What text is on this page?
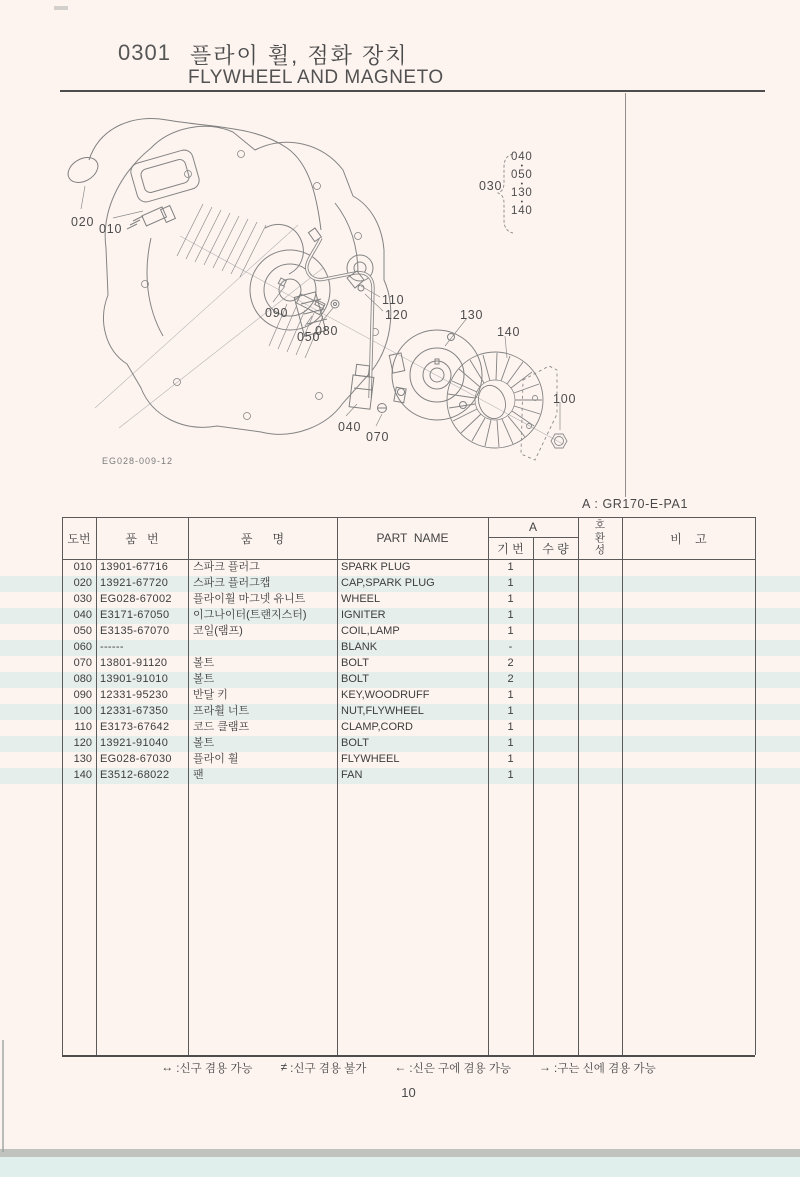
0301 플라이 휠, 점화 장치
FLYWHEEL AND MAGNETO
020 010
090
050
080
110
120	130
140
040
070
100
030
040
•
050
•
130
•
140
EG028-009-12
A : GR170-E-PA1
도번	품   번	품      명	PART  NAME
A
기 번	수 량
호
환
성
비    고
010 13901-67716	스파크 플러그	SPARK PLUG	1
020 13921-67720	스파크 플러그캡	CAP,SPARK PLUG	1
030 EG028-67002	플라이휠 마그넷 유니트	WHEEL	1
040 E3171-67050	이그나이터(트랜지스터)	IGNITER	1
050 E3135-67070	코일(램프)	COIL,LAMP	1
060 ------	BLANK	-
070 13801-91120	볼트	BOLT	2
080 13901-91010	볼트	BOLT	2
090 12331-95230	반달 키	KEY,WOODRUFF	1
100 12331-67350	프라휠 너트	NUT,FLYWHEEL	1
110 E3173-67642	코드 클램프	CLAMP,CORD	1
120 13921-91040	볼트	BOLT	1
130 EG028-67030	플라이 휠	FLYWHEEL	1
140 E3512-68022	팬	FAN	1
↔ :신구 겸용 가능 ≠ :신구 겸용 불가 ← :신은 구에 겸용 가능 → :구는 신에 겸용 가능
10
